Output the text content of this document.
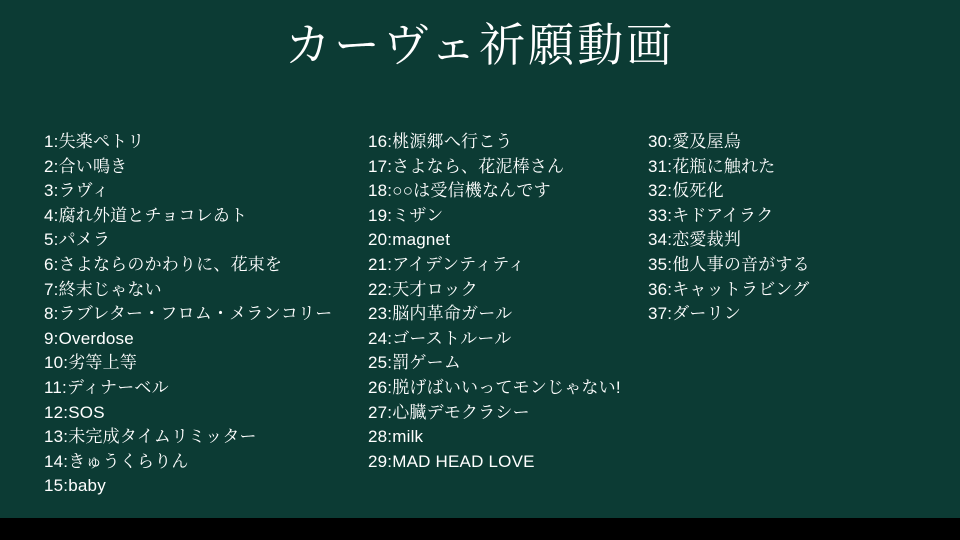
カーヴェ祈願動画
1:失楽ペトリ
2:合い鳴き
3:ラヴィ
4:腐れ外道とチョコレゐト
5:パメラ
6:さよならのかわりに、花束を
7:終末じゃない
8:ラブレター・フロム・メランコリー
9:Overdose
10:劣等上等
11:ディナーベル
12:SOS
13:未完成タイムリミッター
14:きゅうくらりん
15:baby
16:桃源郷へ行こう
17:さよなら、花泥棒さん
18:○○は受信機なんです
19:ミザン
20:magnet
21:アイデンティティ
22:天才ロック
23:脳内革命ガール
24:ゴーストルール
25:罰ゲーム
26:脱げばいいってモンじゃない!
27:心臓デモクラシー
28:milk
29:MAD HEAD LOVE
30:愛及屋烏
31:花瓶に触れた
32:仮死化
33:キドアイラク
34:恋愛裁判
35:他人事の音がする
36:キャットラビング
37:ダーリン
